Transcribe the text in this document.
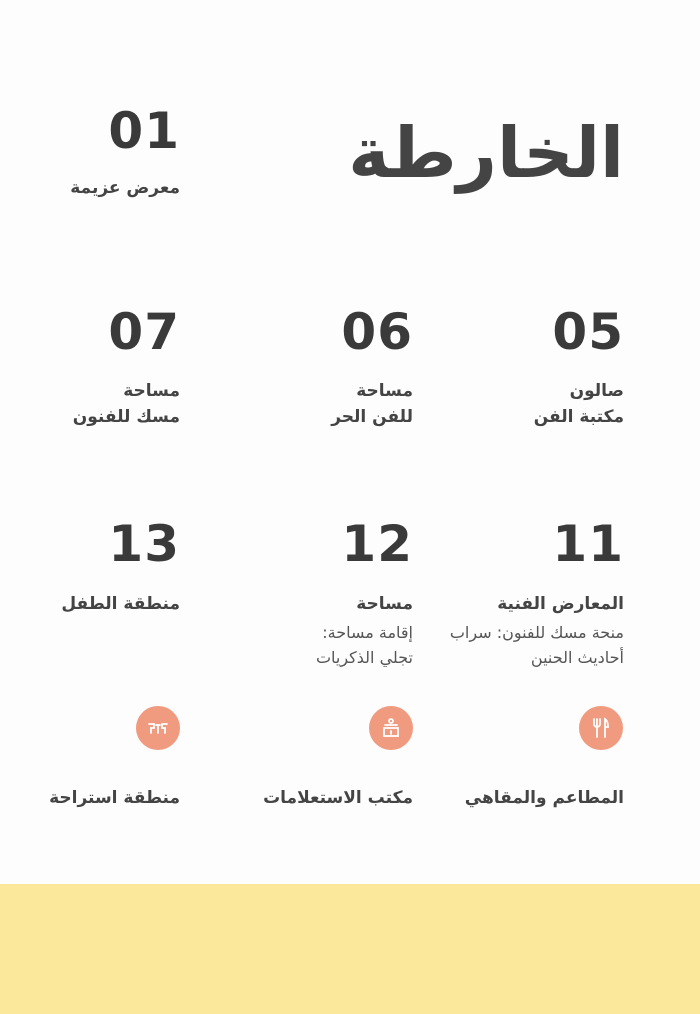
الخارطة
01
معرض عزيمة
05
صالون
مكتبة الفن
06
مساحة
للفن الحر
07
مساحة
مسك للفنون
11
المعارض الفنية
منحة مسك للفنون: سراب
أحاديث الحنين
12
مساحة
إقامة مساحة:
تجلي الذكريات
13
منطقة الطفل
المطاعم والمقاهي
مكتب الاستعلامات
منطقة استراحة
